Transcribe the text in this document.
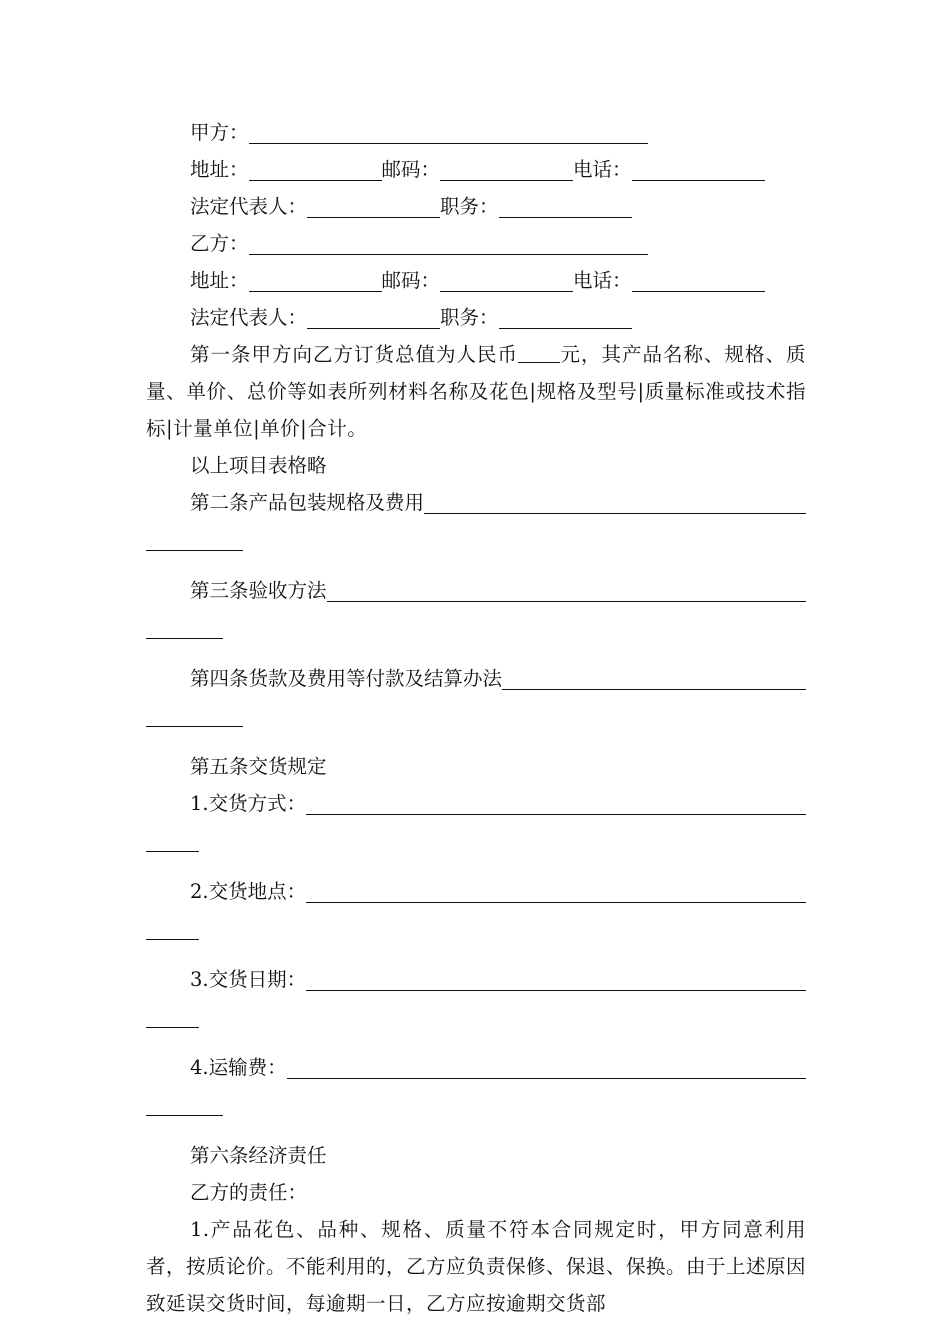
甲方：
地址：	邮码：	电话：
法定代表人：	职务：
乙方：
地址：	邮码：	电话：
法定代表人：	职务：
第一条甲方向乙方订货总值为人民币 元，其产品名称、规格、质量、单价、总价等如表所列材料名称及花色|规格及型号|质量标准或技术指标|计量单位|单价|合计。
以上项目表格略
第二条产品包装规格及费用
第三条验收方法
第四条货款及费用等付款及结算办法
第五条交货规定
1.交货方式：
2.交货地点：
3.交货日期：
4.运输费：
第六条经济责任
乙方的责任：
1.产品花色、品种、规格、质量不符本合同规定时，甲方同意利用者，按质论价。不能利用的，乙方应负责保修、保退、保换。由于上述原因致延误交货时间，每逾期一日，乙方应按逾期交货部
